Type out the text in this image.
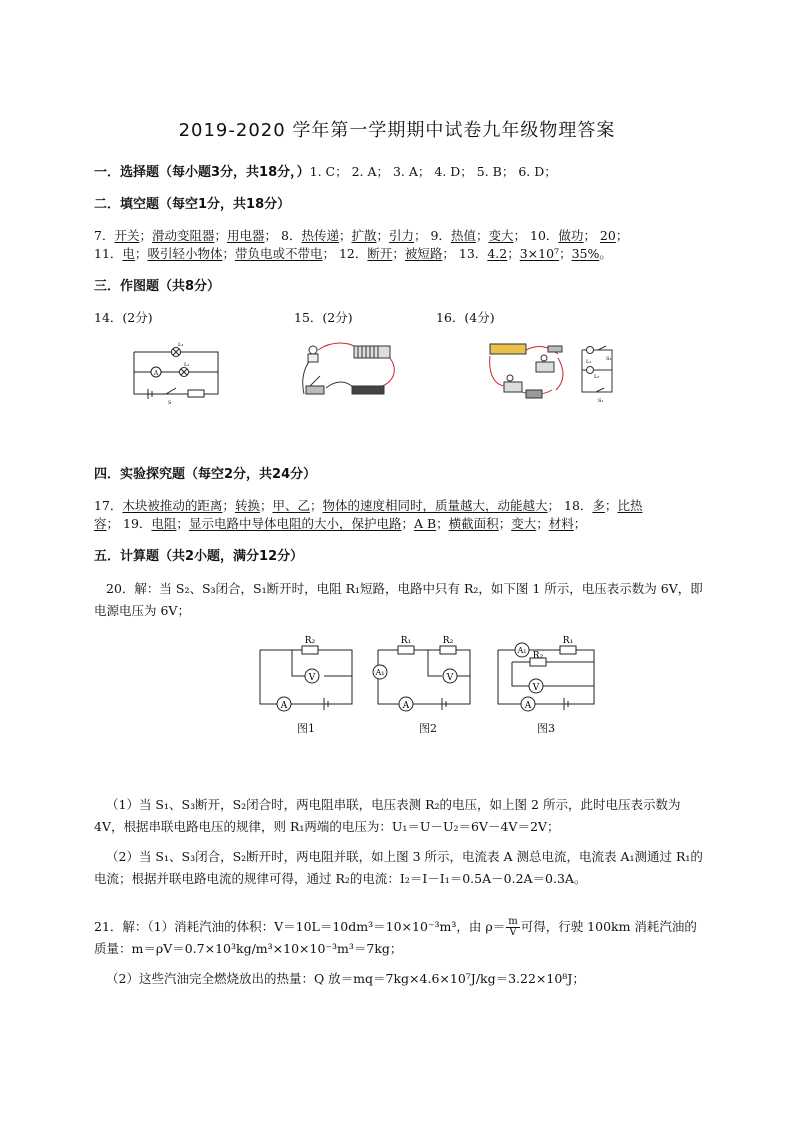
2019-2020 学年第一学期期中试卷九年级物理答案
一．选择题（每小题3分，共18分，）1. C； 2. A； 3. A； 4. D； 5. B； 6. D；
二．填空题（每空1分，共18分）
7．开关；滑动变阻器；用电器； 8．热传递；扩散；引力； 9．热值；变大； 10．做功； 20；
11．电；吸引轻小物体；带负电或不带电； 12．断开；被短路； 13．4.2；3×10⁷；35%。
三．作图题（共8分）
14．(2分)	15．(2分)	16．(4分)
A
L₂
L₁
S
S₂
S₁
L₁
L₂
四．实验探究题（每空2分，共24分）
17．木块被推动的距离；转换；甲、乙；物体的速度相同时，质量越大，动能越大； 18．多；比热
容； 19．电阻；显示电路中导体电阻的大小，保护电路；A B；横截面积；变大；材料；
五．计算题（共2小题，满分12分）
20．解：当 S₂、S₃闭合，S₁断开时，电阻 R₁短路，电路中只有 R₂，如下图 1 所示，电压表示数为 6V，即电源电压为 6V；
R₂
V
A
图1
R₁	R₂
A₁
V
A
图2
R₁
R₂
A₁
V
A
图3
（1）当 S₁、S₃断开，S₂闭合时，两电阻串联，电压表测 R₂的电压，如上图 2 所示，此时电压表示数为 4V，根据串联电路电压的规律，则 R₁两端的电压为：U₁＝U－U₂＝6V－4V＝2V；
（2）当 S₁、S₃闭合，S₂断开时，两电阻并联，如上图 3 所示，电流表 A 测总电流，电流表 A₁测通过 R₁的电流；根据并联电路电流的规律可得，通过 R₂的电流：I₂＝I－I₁＝0.5A－0.2A＝0.3A。
21．解：（1）消耗汽油的体积：V＝10L＝10dm³＝10×10⁻³m³，由 $\rho= \frac{m}{V}$ 可得，行驶 100km 消耗汽油的质量：m＝ρV＝0.7×10³kg/m³×10×10⁻³m³＝7kg；
（2）这些汽油完全燃烧放出的热量：Q 放＝mq＝7kg×4.6×10⁷J/kg＝3.22×10⁸J；
